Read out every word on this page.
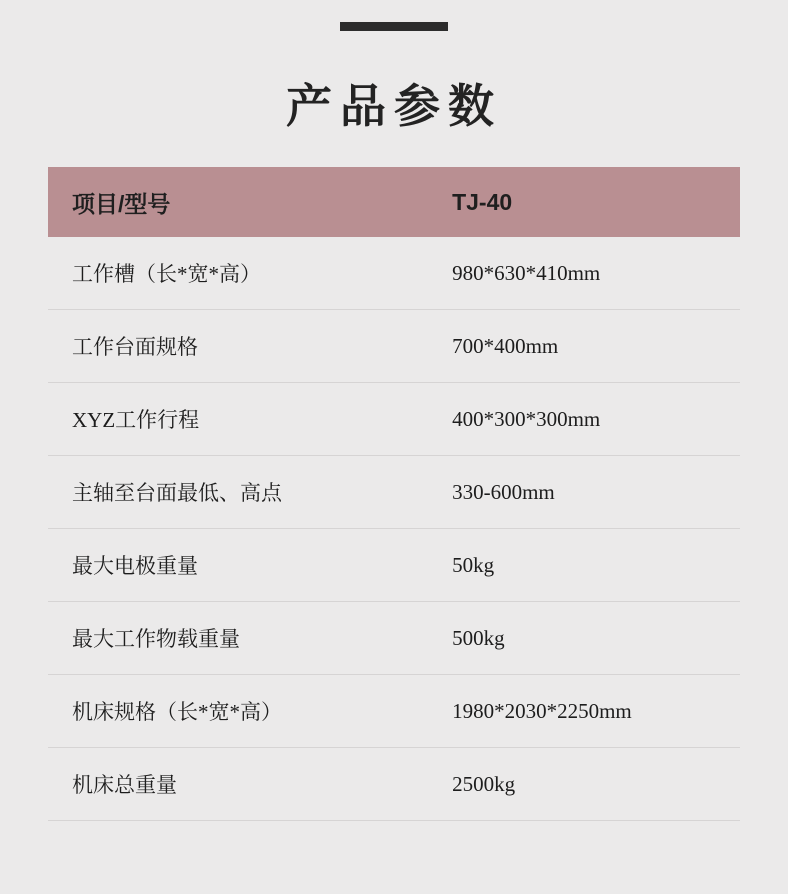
产品参数
项目/型号	TJ-40
工作槽（长*宽*高）	980*630*410mm
工作台面规格	700*400mm
XYZ工作行程	400*300*300mm
主轴至台面最低、高点	330-600mm
最大电极重量	50kg
最大工作物载重量	500kg
机床规格（长*宽*高）	1980*2030*2250mm
机床总重量	2500kg
